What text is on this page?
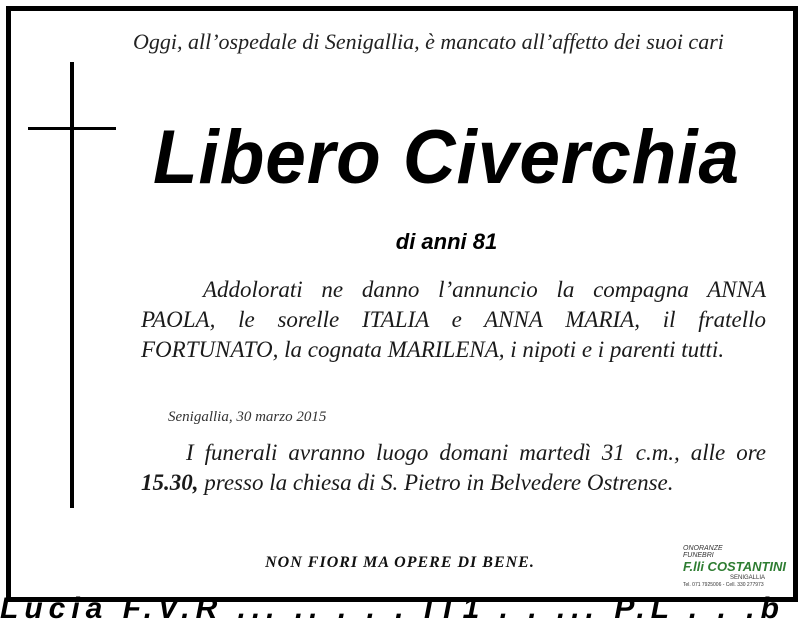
Oggi, all’ospedale di Senigallia, è mancato all’affetto dei suoi cari
Libero Civerchia
di anni 81
Addolorati ne danno l’annuncio la compagna ANNA PAOLA, le sorelle ITALIA e ANNA MARIA, il fratello FORTUNATO, la cognata MARILENA, i nipoti e i parenti tutti.
Senigallia, 30 marzo 2015
I funerali avranno luogo domani martedì 31 c.m., alle ore 15.30, presso la chiesa di S. Pietro in Belvedere Ostrense.
NON FIORI MA OPERE DI BENE.
ONORANZE
FUNEBRI
F.lli COSTANTINI
SENIGALLIA
Tel. 071 7925006 - Cell. 330 277973
Lucia F.V.R ... .. . . . IT1 . . ... P.L . . .b
